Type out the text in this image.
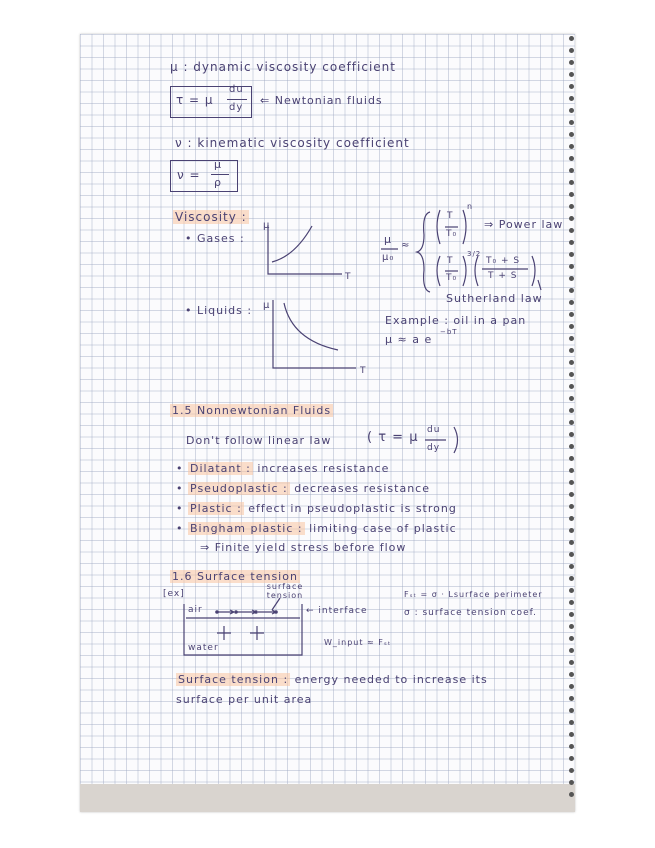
μ : dynamic viscosity coefficient
τ = μ
du
dy
⇐ Newtonian fluids
ν : kinematic viscosity coefficient
ν =
μ
ρ
Viscosity :
• Gases :
• Liquids :
μ
T
μ
T
μ
μ₀
≈
T
T₀
n
⇒ Power law
T
T₀
3/2
T₀ + S
T + S
Sutherland law
Example : oil in a pan
μ ≈ a e
−bT
1.5 Nonnewtonian Fluids
Don't follow linear law	( τ = μ du
dy
• Dilatant : increases resistance
• Pseudoplastic : decreases resistance
• Plastic : effect in pseudoplastic is strong
• Bingham plastic : limiting case of plastic
⇒ Finite yield stress before flow
1.6 Surface tension
[ex]
surface tension
air
water
← interface
Fₛₜ = σ · Lsurface perimeter
σ : surface tension coef.
W_input ≈ Fₛₜ
Surface tension : energy needed to increase its
surface per unit area
